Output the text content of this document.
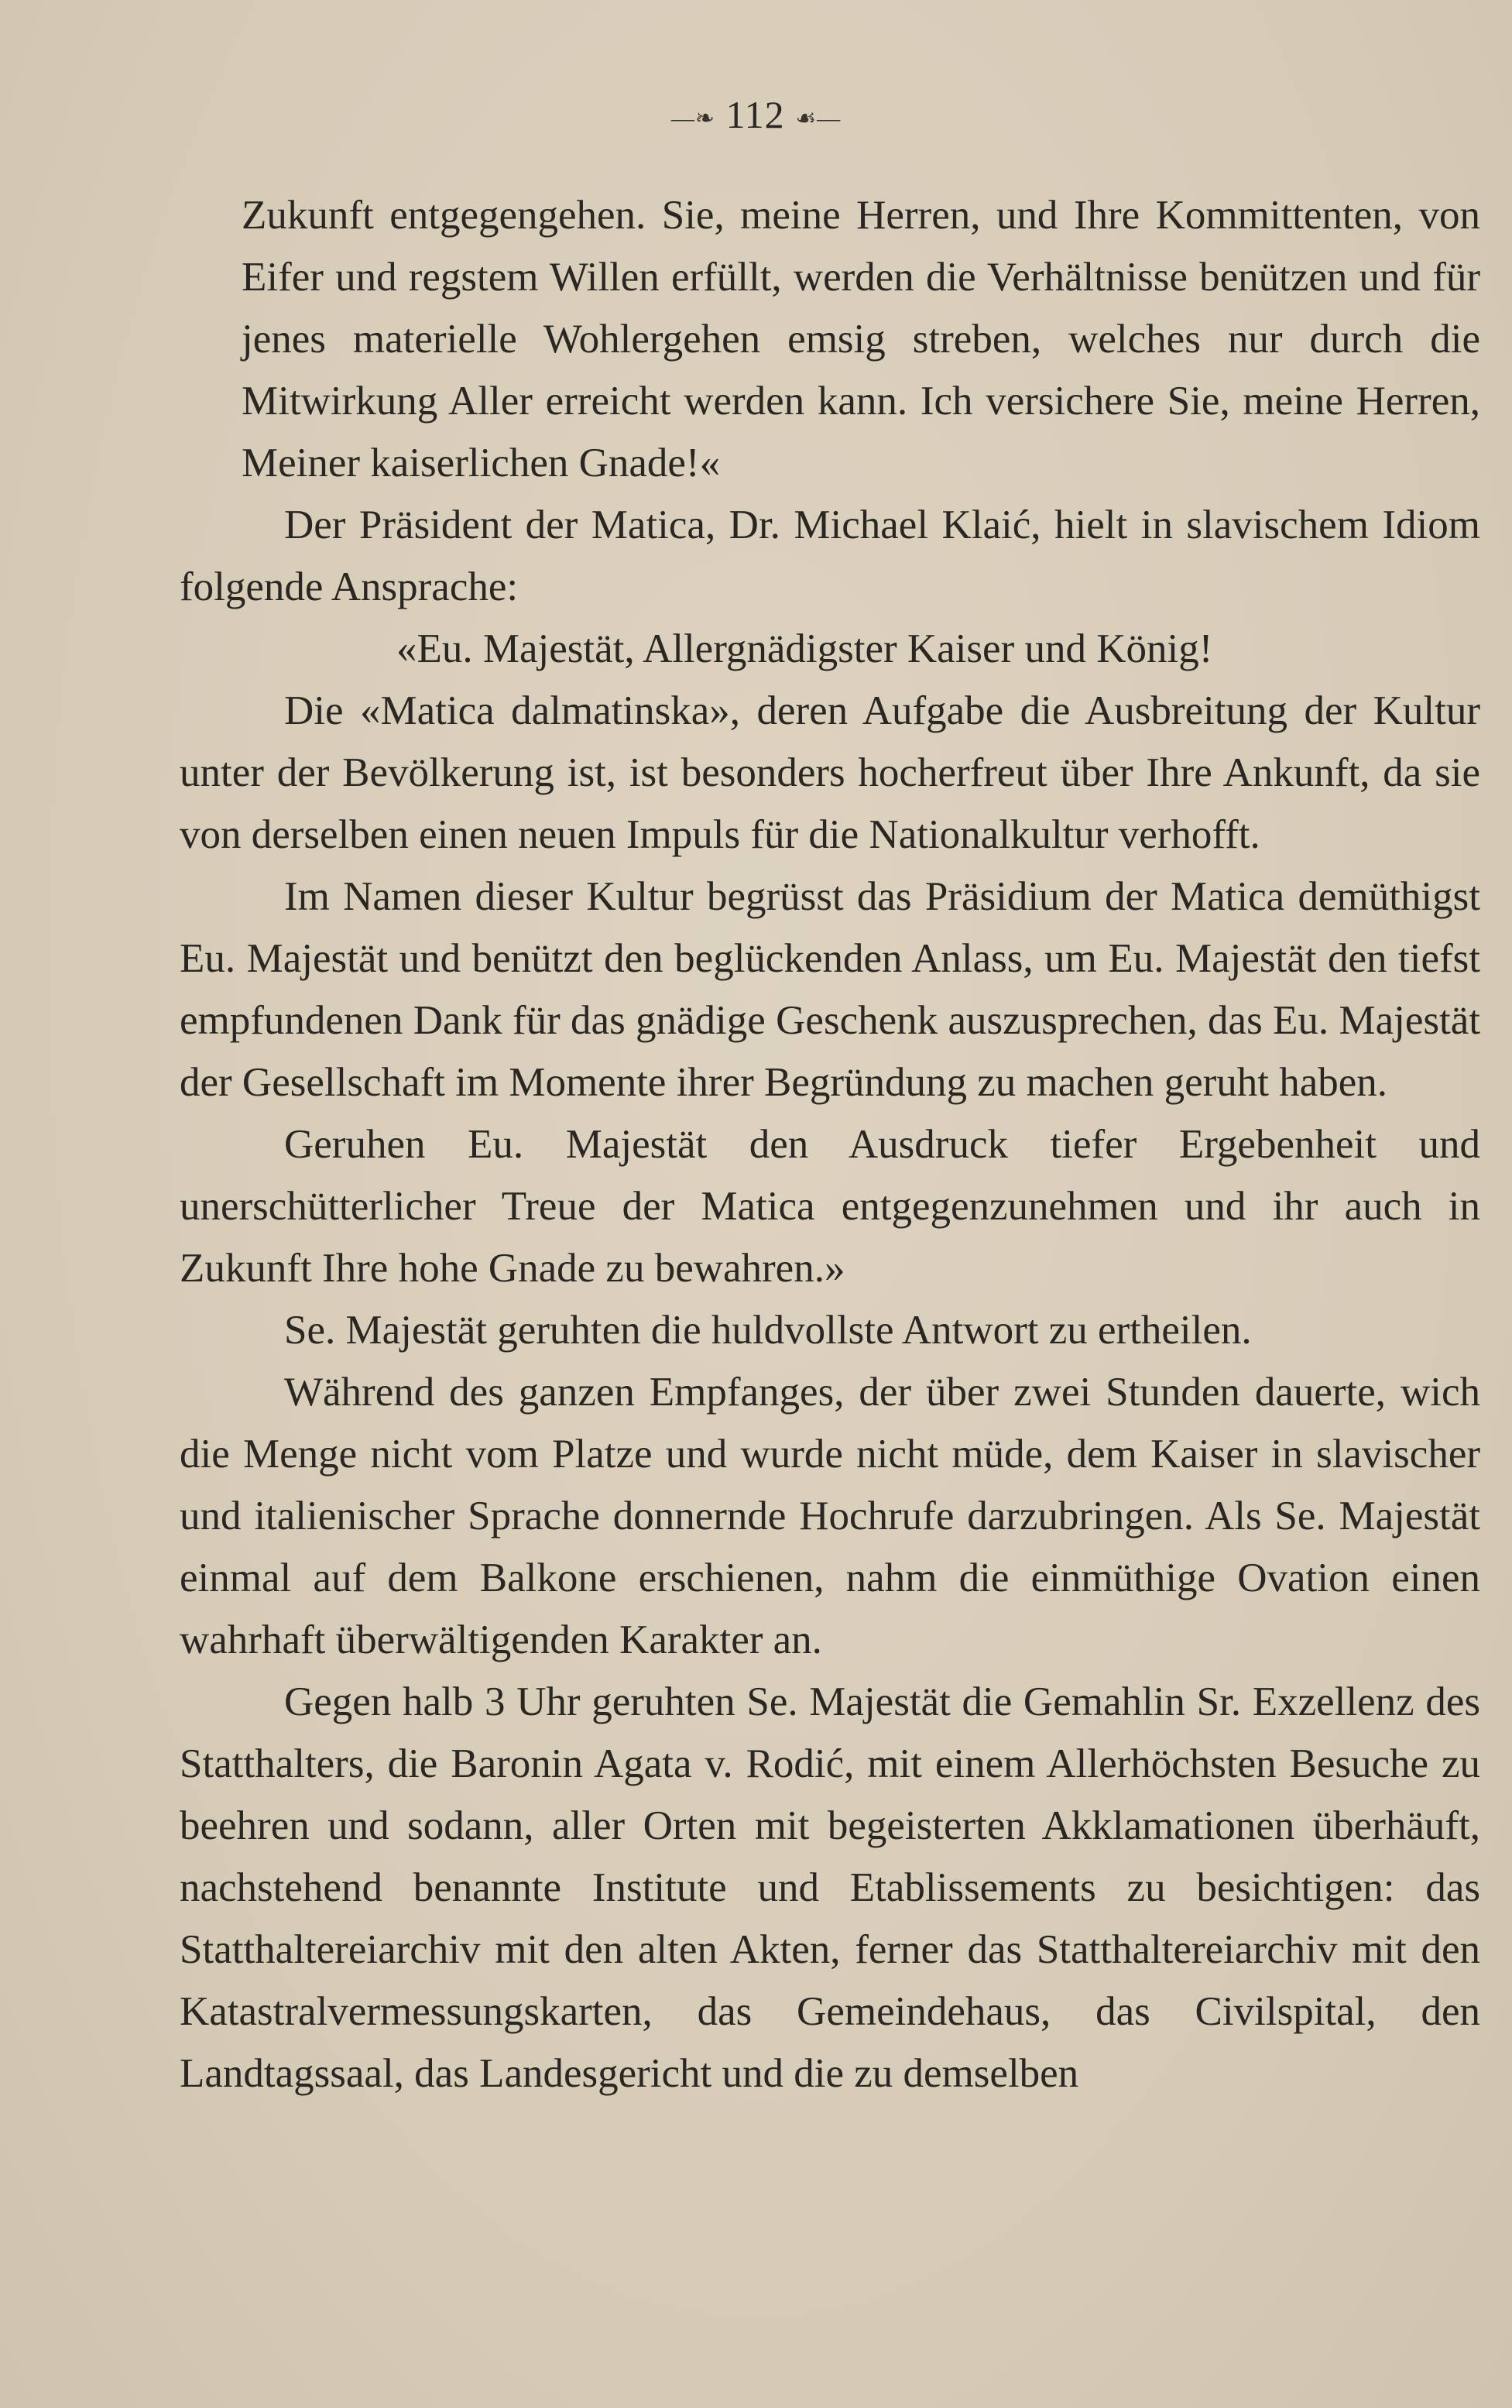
—❧ 112 ☙—

Zukunft entgegengehen. Sie, meine Herren, und Ihre Kommittenten, von Eifer und regstem Willen erfüllt, werden die Verhältnisse benützen und für jenes materielle Wohlergehen emsig streben, welches nur durch die Mitwirkung Aller erreicht werden kann. Ich versichere Sie, meine Herren, Meiner kaiserlichen Gnade!«

Der Präsident der Matica, Dr. Michael Klaić, hielt in slavischem Idiom folgende Ansprache:

«Eu. Majestät, Allergnädigster Kaiser und König!

Die «Matica dalmatinska», deren Aufgabe die Ausbreitung der Kultur unter der Bevölkerung ist, ist besonders hocherfreut über Ihre Ankunft, da sie von derselben einen neuen Impuls für die Nationalkultur verhofft.

Im Namen dieser Kultur begrüsst das Präsidium der Matica demüthigst Eu. Majestät und benützt den beglückenden Anlass, um Eu. Majestät den tiefst empfundenen Dank für das gnädige Geschenk auszusprechen, das Eu. Majestät der Gesellschaft im Momente ihrer Begründung zu machen geruht haben.

Geruhen Eu. Majestät den Ausdruck tiefer Ergebenheit und unerschütterlicher Treue der Matica entgegenzunehmen und ihr auch in Zukunft Ihre hohe Gnade zu bewahren.»

Se. Majestät geruhten die huldvollste Antwort zu ertheilen.

Während des ganzen Empfanges, der über zwei Stunden dauerte, wich die Menge nicht vom Platze und wurde nicht müde, dem Kaiser in slavischer und italienischer Sprache donnernde Hochrufe darzubringen. Als Se. Majestät einmal auf dem Balkone erschienen, nahm die einmüthige Ovation einen wahrhaft überwältigenden Karakter an.

Gegen halb 3 Uhr geruhten Se. Majestät die Gemahlin Sr. Exzellenz des Statthalters, die Baronin Agata v. Rodić, mit einem Allerhöchsten Besuche zu beehren und sodann, aller Orten mit begeisterten Akklamationen überhäuft, nachstehend benannte Institute und Etablissements zu besichtigen: das Statthaltereiarchiv mit den alten Akten, ferner das Statthaltereiarchiv mit den Katastralvermessungskarten, das Gemeindehaus, das Civilspital, den Landtagssaal, das Landesgericht und die zu demselben
